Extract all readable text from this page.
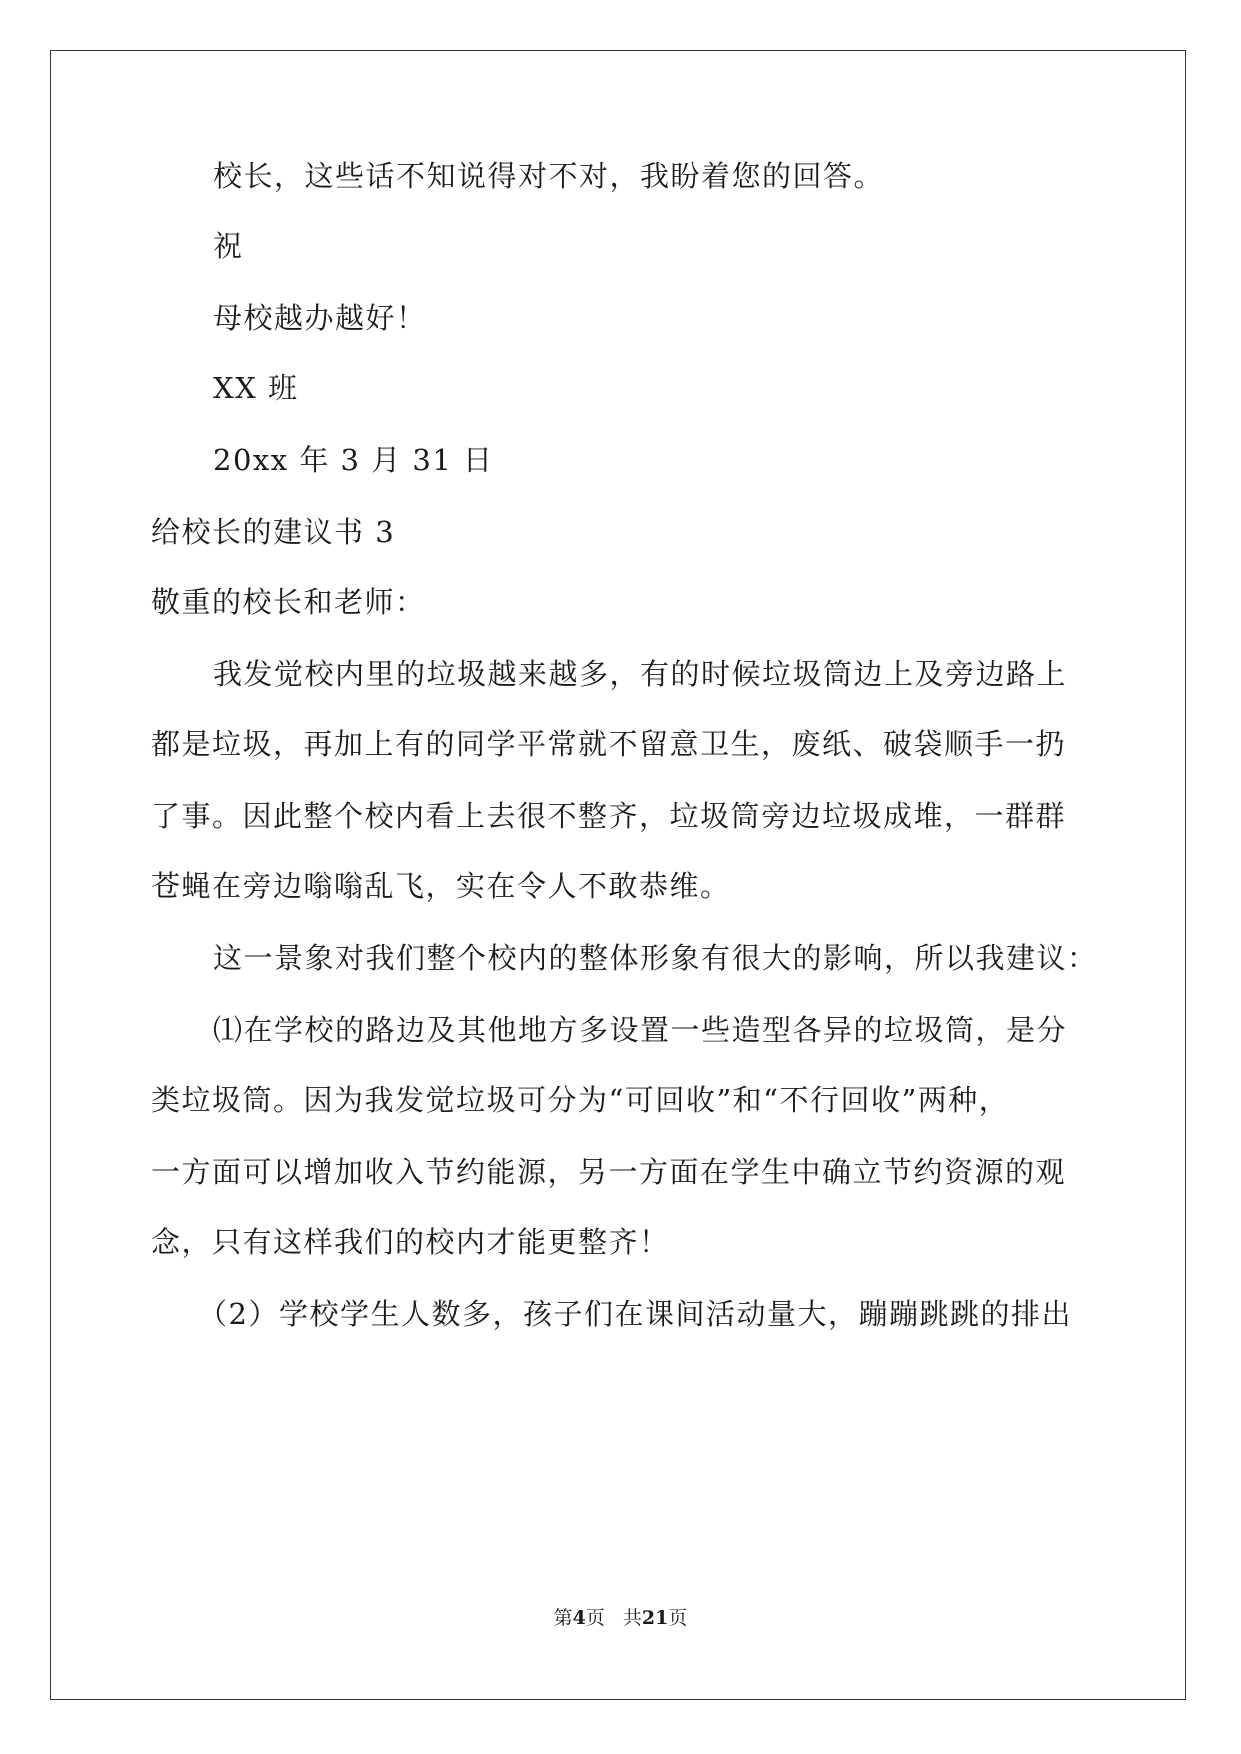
校长，这些话不知说得对不对，我盼着您的回答。
祝
母校越办越好！
XX 班
20xx 年 3 月 31 日
给校长的建议书 3
敬重的校长和老师：
我发觉校内里的垃圾越来越多，有的时候垃圾筒边上及旁边路上
都是垃圾，再加上有的同学平常就不留意卫生，废纸、破袋顺手一扔
了事。因此整个校内看上去很不整齐，垃圾筒旁边垃圾成堆，一群群
苍蝇在旁边嗡嗡乱飞，实在令人不敢恭维。
这一景象对我们整个校内的整体形象有很大的影响，所以我建议：
⑴在学校的路边及其他地方多设置一些造型各异的垃圾筒，是分
类垃圾筒。因为我发觉垃圾可分为“可回收”和“不行回收”两种，
一方面可以增加收入节约能源，另一方面在学生中确立节约资源的观
念，只有这样我们的校内才能更整齐！
（2）学校学生人数多，孩子们在课间活动量大，蹦蹦跳跳的排出
第4页 共21页
